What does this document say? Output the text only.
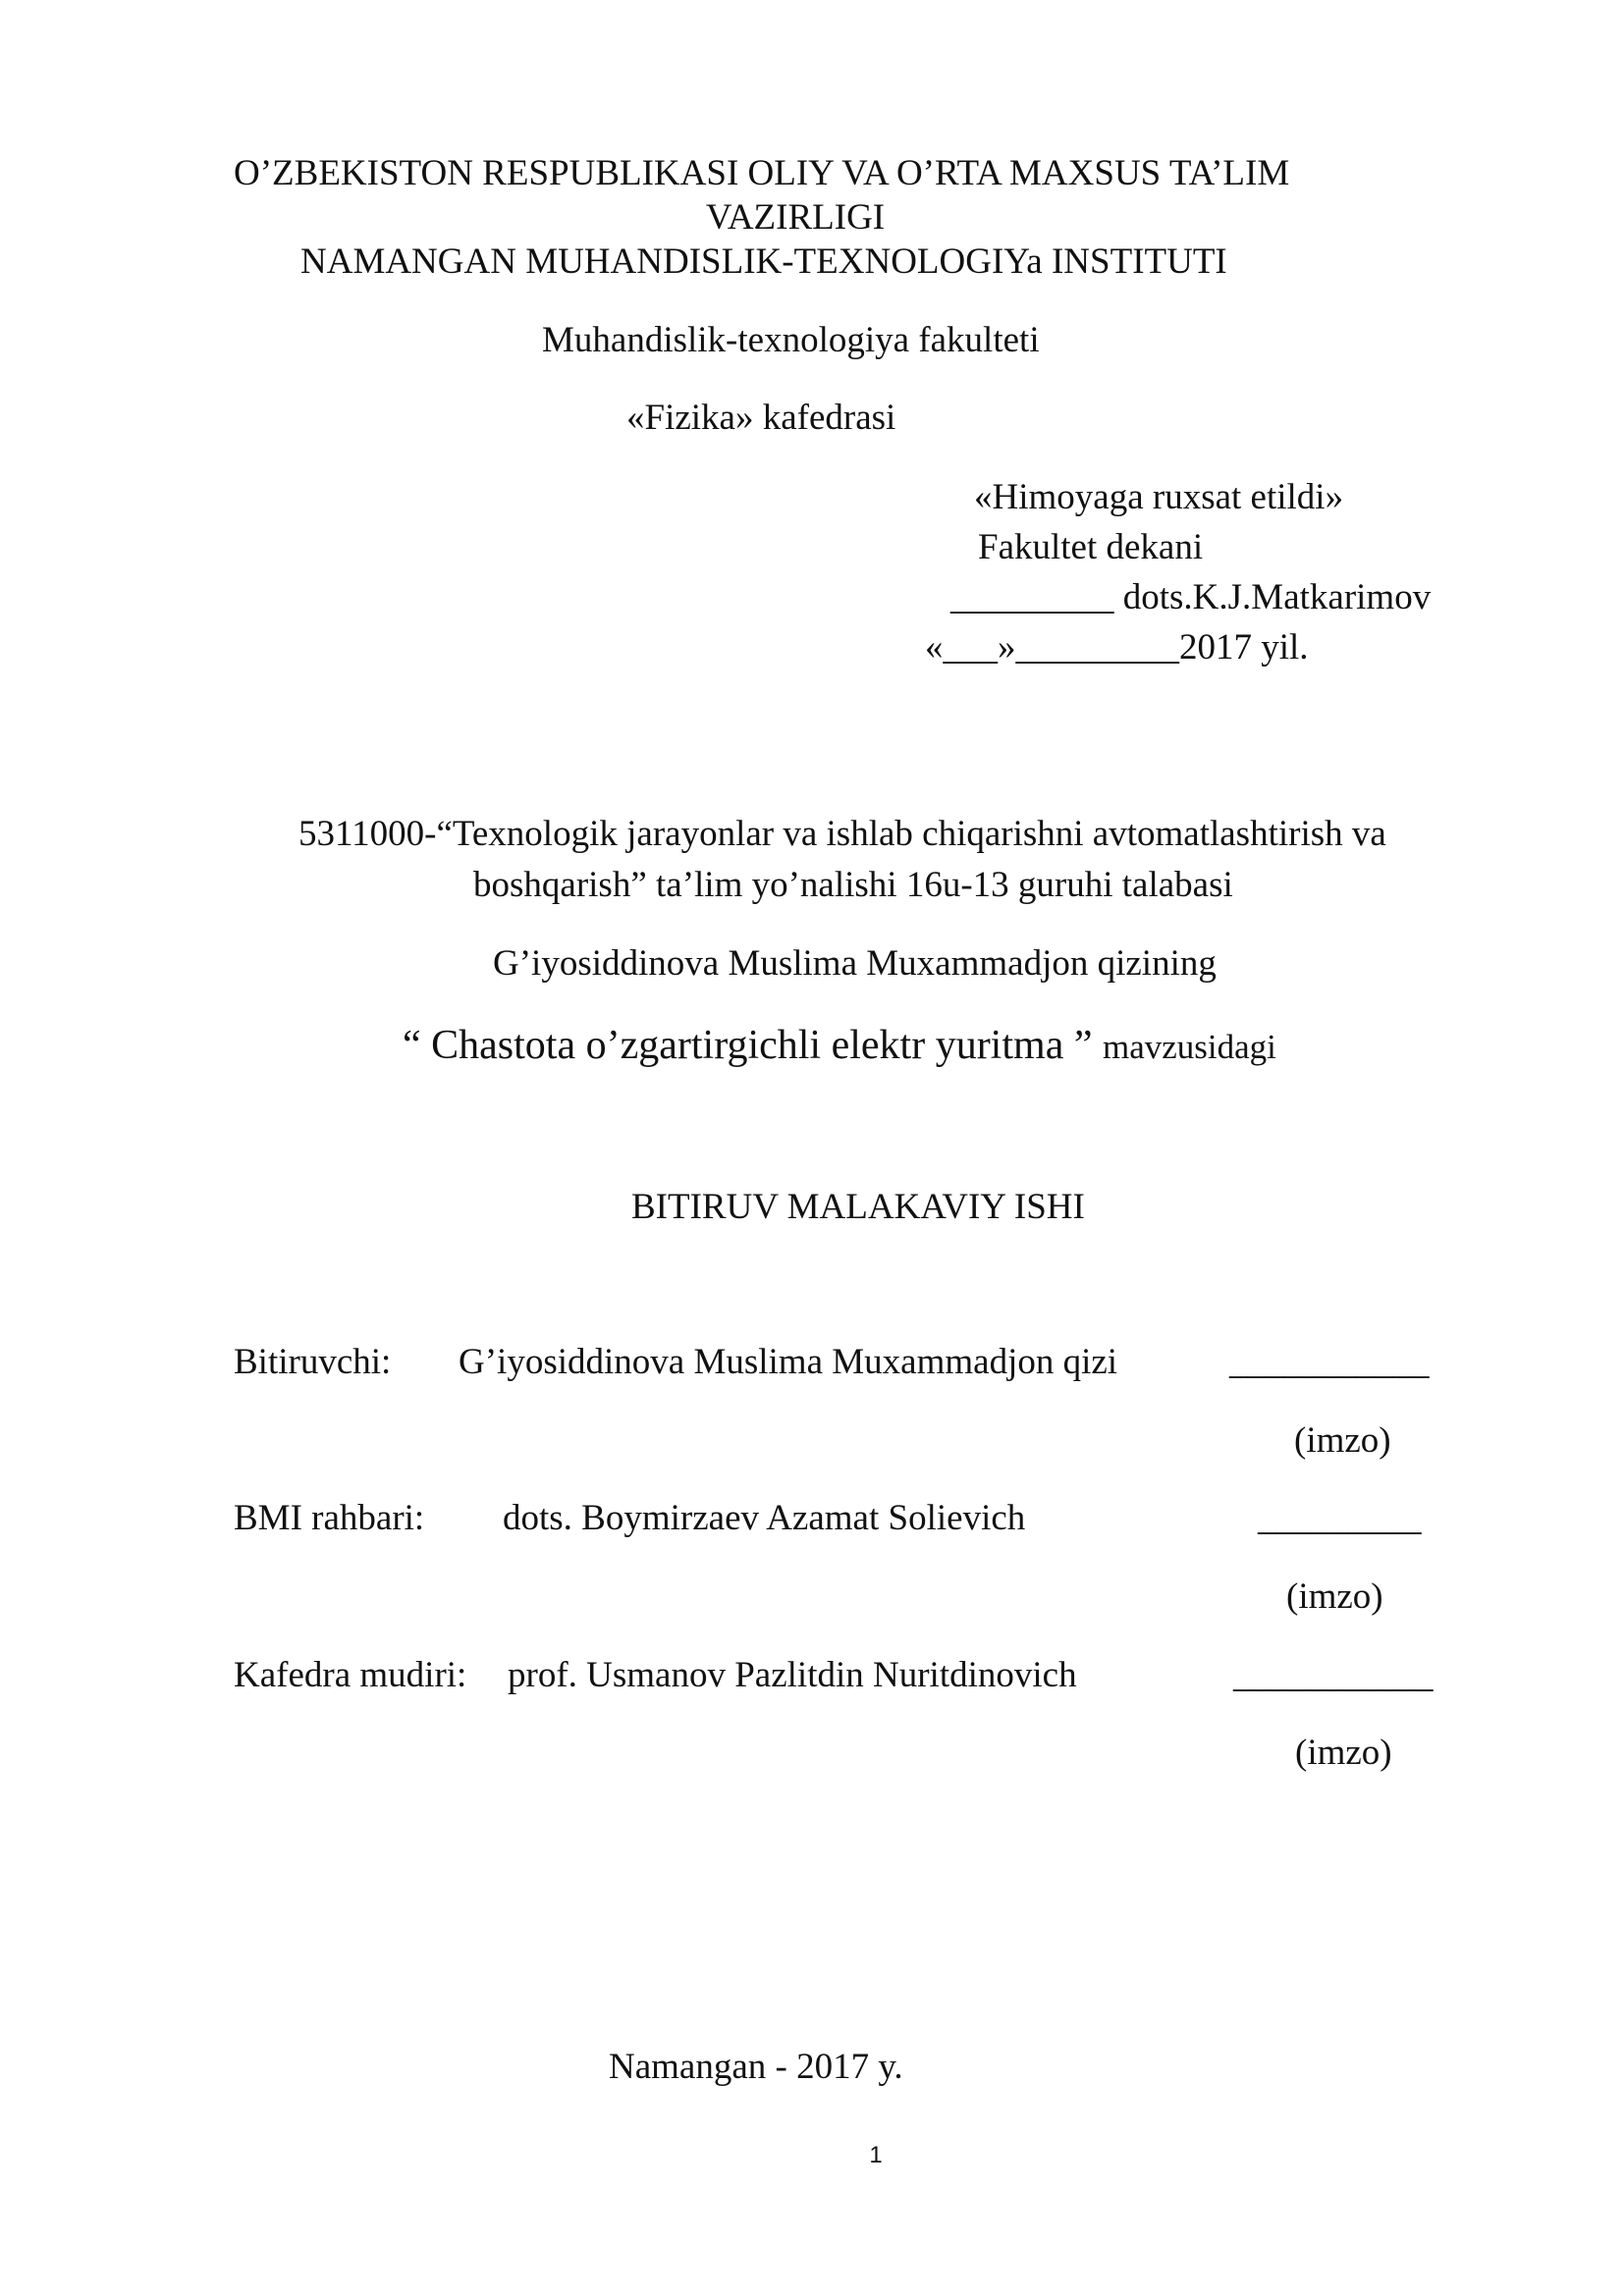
O’ZBEKISTON RESPUBLIKASI OLIY VA O’RTA MAXSUS TA’LIM
VAZIRLIGI
NAMANGAN MUHANDISLIK-TEXNOLOGIYa INSTITUTI
Muhandislik-texnologiya fakulteti
«Fizika» kafedrasi
«Himoyaga ruxsat etildi»
Fakultet dekani
_________ dots.K.J.Matkarimov
«___»_________2017 yil.
5311000-“Texnologik jarayonlar va ishlab chiqarishni avtomatlashtirish va
boshqarish” ta’lim yo’nalishi 16u-13 guruhi talabasi
G’iyosiddinova Muslima Muxammadjon qizining
“ Chastota o’zgartirgichli elektr yuritma ” mavzusidagi
BITIRUV MALAKAVIY ISHI
Bitiruvchi: G’iyosiddinova Muslima Muxammadjon qizi	___________
(imzo)
BMI rahbari: dots. Boymirzaev Azamat Solievich	_________
(imzo)
Kafedra mudiri: prof. Usmanov Pazlitdin Nuritdinovich	___________
(imzo)
Namangan - 2017 y.
1
